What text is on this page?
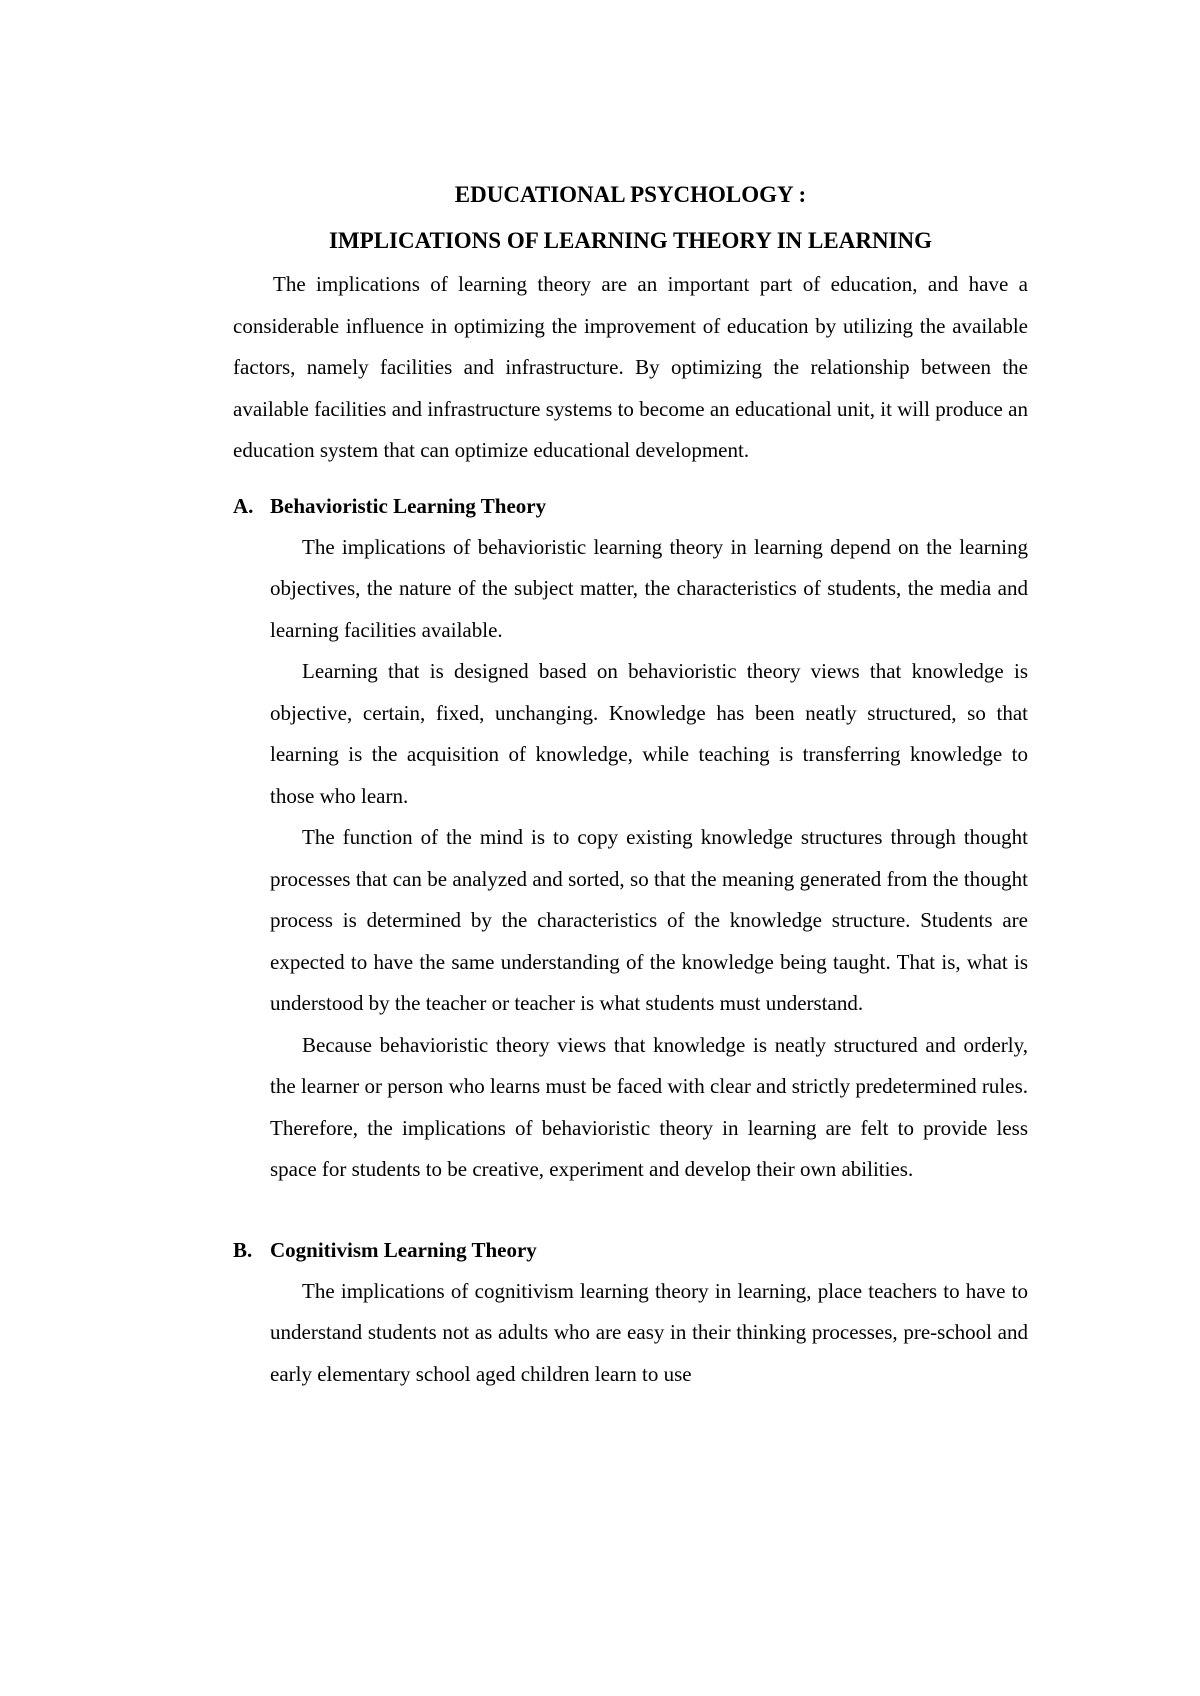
EDUCATIONAL PSYCHOLOGY :
IMPLICATIONS OF LEARNING THEORY IN LEARNING

The implications of learning theory are an important part of education, and have a considerable influence in optimizing the improvement of education by utilizing the available factors, namely facilities and infrastructure. By optimizing the relationship between the available facilities and infrastructure systems to become an educational unit, it will produce an education system that can optimize educational development.

A. Behavioristic Learning Theory

The implications of behavioristic learning theory in learning depend on the learning objectives, the nature of the subject matter, the characteristics of students, the media and learning facilities available.

Learning that is designed based on behavioristic theory views that knowledge is objective, certain, fixed, unchanging. Knowledge has been neatly structured, so that learning is the acquisition of knowledge, while teaching is transferring knowledge to those who learn.

The function of the mind is to copy existing knowledge structures through thought processes that can be analyzed and sorted, so that the meaning generated from the thought process is determined by the characteristics of the knowledge structure. Students are expected to have the same understanding of the knowledge being taught. That is, what is understood by the teacher or teacher is what students must understand.

Because behavioristic theory views that knowledge is neatly structured and orderly, the learner or person who learns must be faced with clear and strictly predetermined rules. Therefore, the implications of behavioristic theory in learning are felt to provide less space for students to be creative, experiment and develop their own abilities.

B. Cognitivism Learning Theory

The implications of cognitivism learning theory in learning, place teachers to have to understand students not as adults who are easy in their thinking processes, pre-school and early elementary school aged children learn to use
